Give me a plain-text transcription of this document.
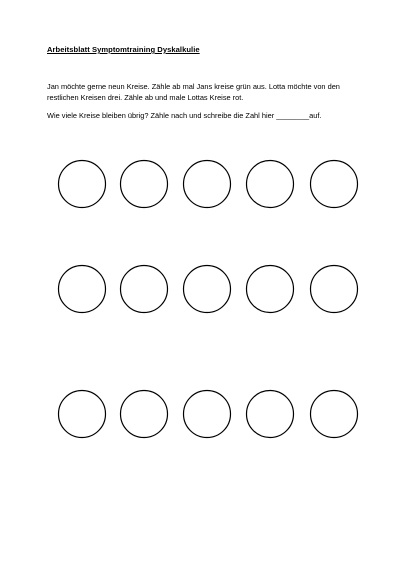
Arbeitsblatt Symptomtraining Dyskalkulie

Jan möchte gerne neun Kreise. Zähle ab mal Jans kreise grün aus. Lotta möchte von den restlichen Kreisen drei. Zähle ab und male Lottas Kreise rot.

Wie viele Kreise bleiben übrig? Zähle nach und schreibe die Zahl hier ________auf.
